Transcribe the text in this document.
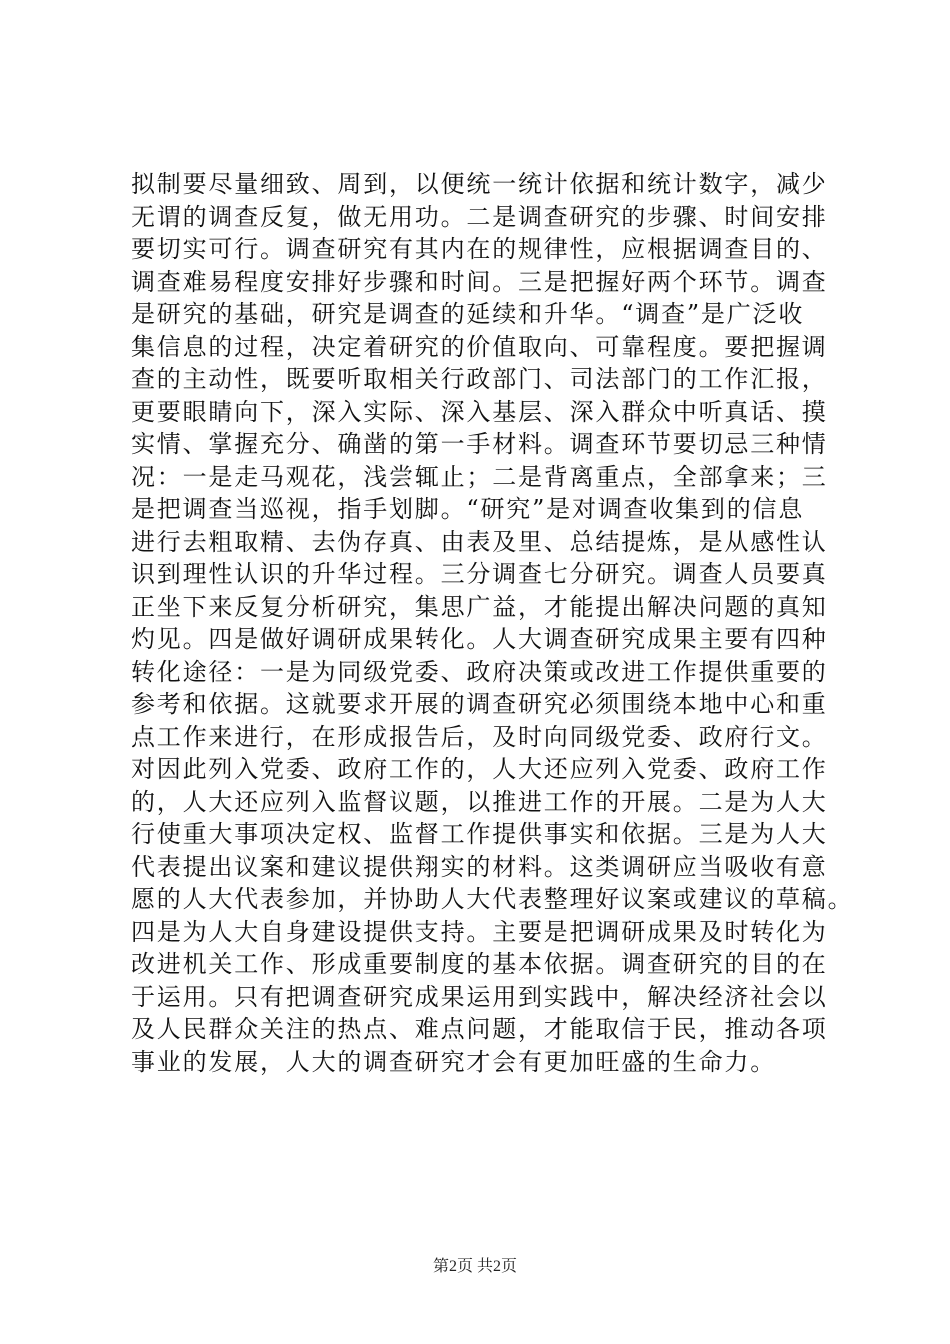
拟制要尽量细致、周到，以便统一统计依据和统计数字，减少
无谓的调查反复，做无用功。二是调查研究的步骤、时间安排
要切实可行。调查研究有其内在的规律性，应根据调查目的、
调查难易程度安排好步骤和时间。三是把握好两个环节。调查
是研究的基础，研究是调查的延续和升华。“调查”是广泛收
集信息的过程，决定着研究的价值取向、可靠程度。要把握调
查的主动性，既要听取相关行政部门、司法部门的工作汇报，
更要眼睛向下，深入实际、深入基层、深入群众中听真话、摸
实情、掌握充分、确凿的第一手材料。调查环节要切忌三种情
况：一是走马观花，浅尝辄止；二是背离重点，全部拿来；三
是把调查当巡视，指手划脚。“研究”是对调查收集到的信息
进行去粗取精、去伪存真、由表及里、总结提炼，是从感性认
识到理性认识的升华过程。三分调查七分研究。调查人员要真
正坐下来反复分析研究，集思广益，才能提出解决问题的真知
灼见。四是做好调研成果转化。人大调查研究成果主要有四种
转化途径：一是为同级党委、政府决策或改进工作提供重要的
参考和依据。这就要求开展的调查研究必须围绕本地中心和重
点工作来进行，在形成报告后，及时向同级党委、政府行文。
对因此列入党委、政府工作的，人大还应列入党委、政府工作
的，人大还应列入监督议题，以推进工作的开展。二是为人大
行使重大事项决定权、监督工作提供事实和依据。三是为人大
代表提出议案和建议提供翔实的材料。这类调研应当吸收有意
愿的人大代表参加，并协助人大代表整理好议案或建议的草稿。
四是为人大自身建设提供支持。主要是把调研成果及时转化为
改进机关工作、形成重要制度的基本依据。调查研究的目的在
于运用。只有把调查研究成果运用到实践中，解决经济社会以
及人民群众关注的热点、难点问题，才能取信于民，推动各项
事业的发展，人大的调查研究才会有更加旺盛的生命力。
第2页 共2页
